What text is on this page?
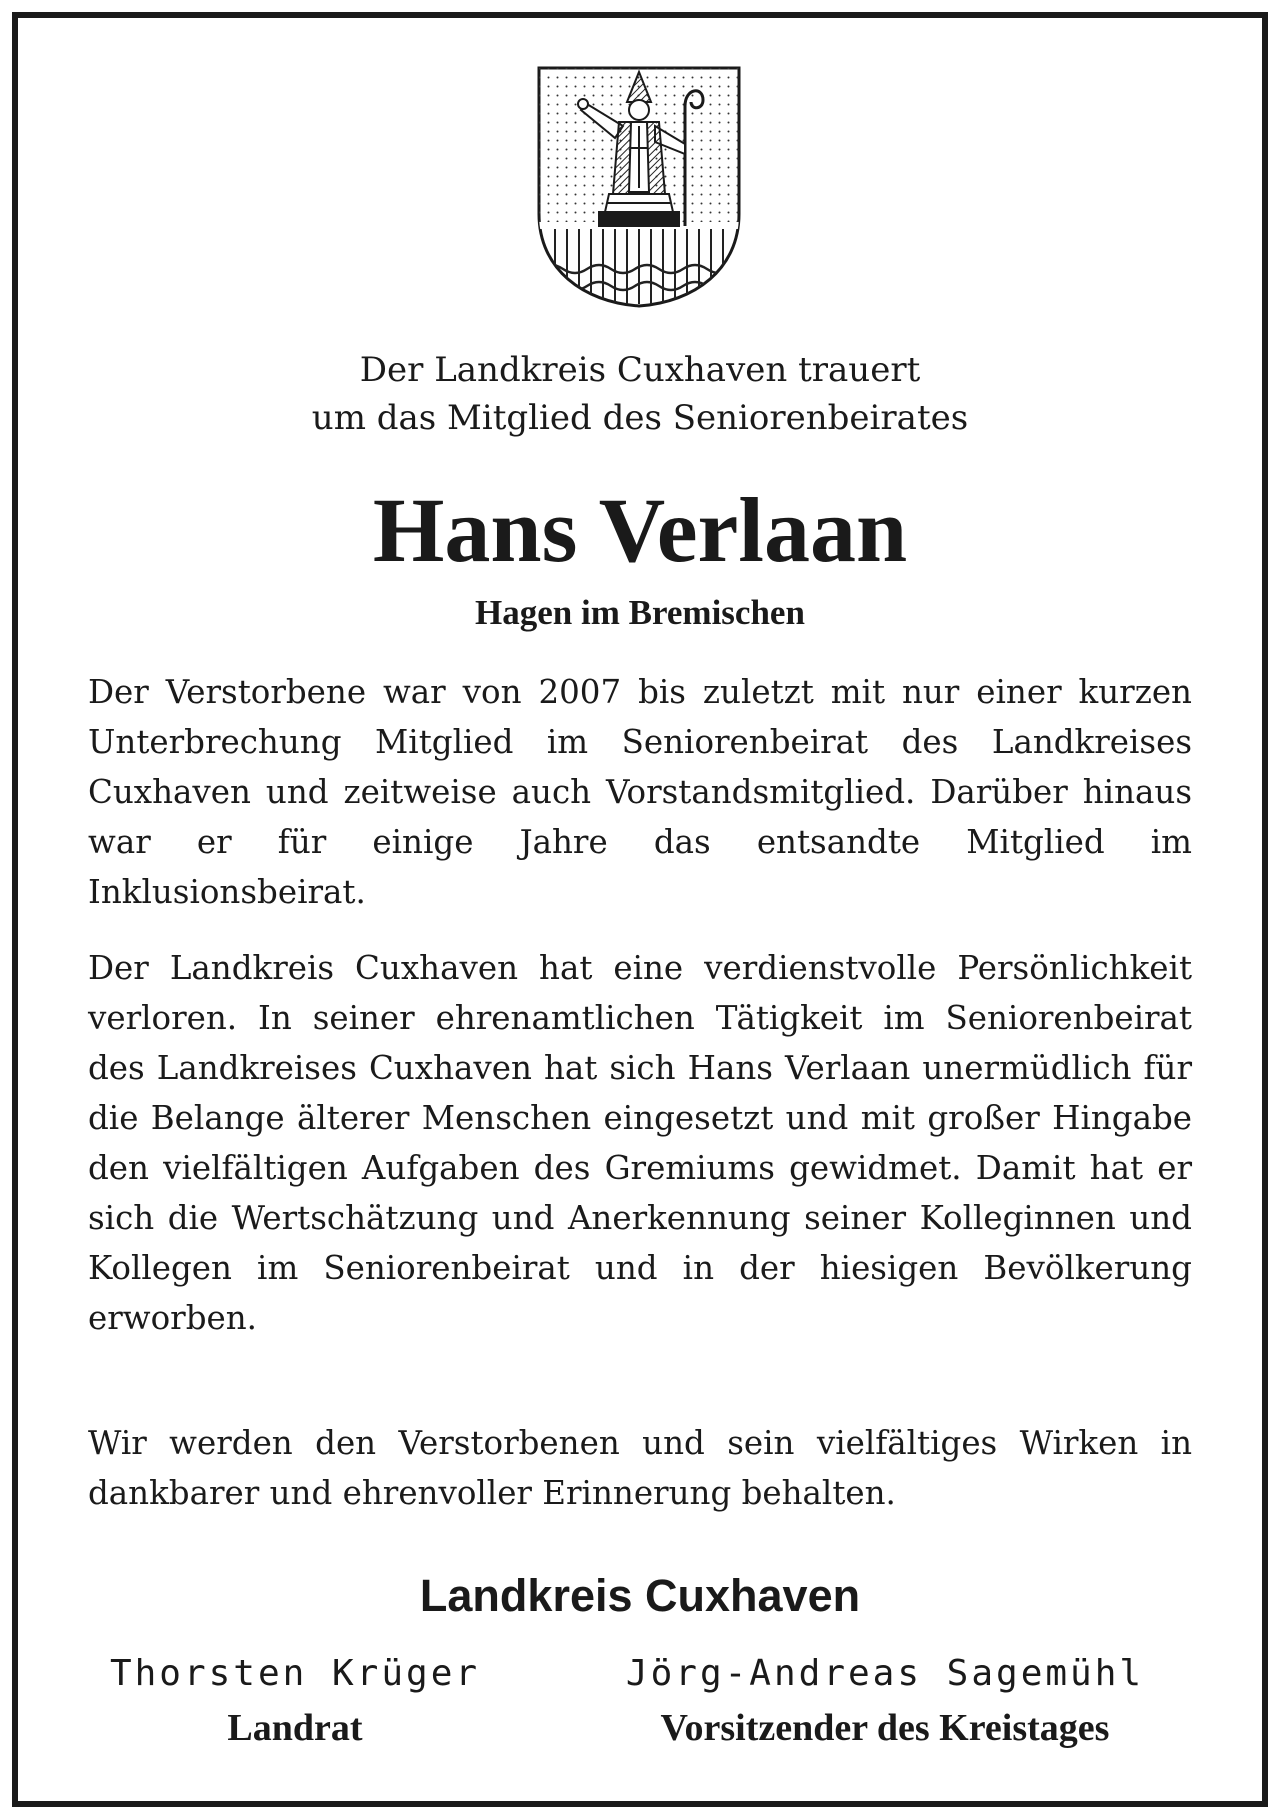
Der Landkreis Cuxhaven trauert
um das Mitglied des Seniorenbeirates
Hans Verlaan
Hagen im Bremischen

Der Verstorbene war von 2007 bis zuletzt mit nur einer kurzen Unterbrechung Mitglied im Seniorenbeirat des Landkreises Cuxhaven und zeitweise auch Vorstandsmitglied. Darüber hinaus war er für einige Jahre das entsandte Mitglied im Inklusionsbeirat.

Der Landkreis Cuxhaven hat eine verdienstvolle Persönlichkeit verloren. In seiner ehrenamtlichen Tätigkeit im Seniorenbeirat des Landkreises Cuxhaven hat sich Hans Verlaan unermüdlich für die Belange älterer Menschen eingesetzt und mit großer Hingabe den vielfältigen Aufgaben des Gremiums gewidmet. Damit hat er sich die Wertschätzung und Anerkennung seiner Kolleginnen und Kollegen im Seniorenbeirat und in der hiesigen Bevölkerung erworben.

Wir werden den Verstorbenen und sein vielfältiges Wirken in dankbarer und ehrenvoller Erinnerung behalten.

Landkreis Cuxhaven
Thorsten Krüger
Landrat
Jörg-Andreas Sagemühl
Vorsitzender des Kreistages
